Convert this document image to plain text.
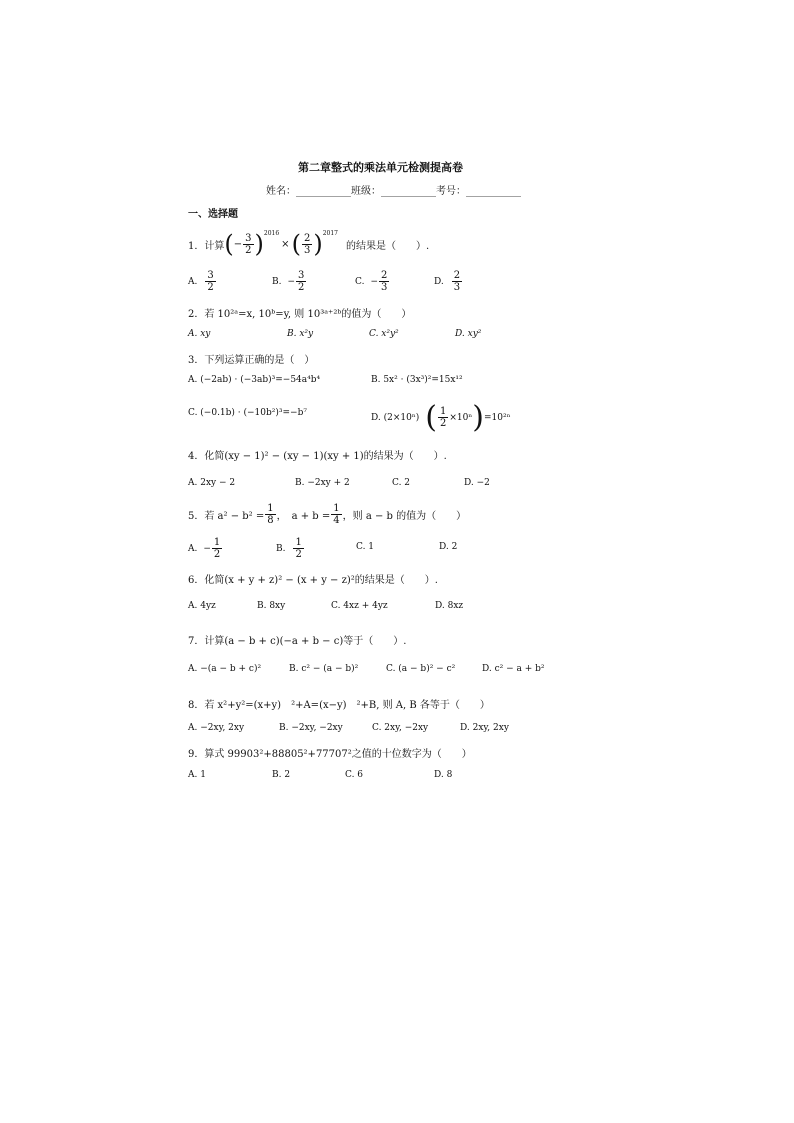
第二章整式的乘法单元检测提高卷
姓名：___________班级：___________考号：___________
一、选择题
1．计算 ( − $\frac{3}{2} )^{2016}$
× ( $\frac{2}{3} )^{2017}$
的结果是（　　）.
A. $\frac{3}{2}$	B. − $\frac{3}{2}$	C. − $\frac{2}{3}$	D. $\frac{2}{3}$
2．若 10²ᵃ=x, 10ᵇ=y, 则 10³ᵃ⁺²ᵇ的值为（　　）
A. xy	B. x²y	C. x²y²	D. xy²
3．下列运算正确的是（　）
A. (−2ab) · (−3ab)³=−54a⁴b⁴	B. 5x² · (3x³)²=15x¹²
C. (−0.1b) · (−10b²)³=−b⁷	D. (2×10ⁿ) ( $\frac{1}{2} \times 10^n$ ) =10²ⁿ
4．化简(xy − 1)² − (xy − 1)(xy + 1)的结果为（　　）.
A. 2xy − 2	B. −2xy + 2	C. 2	D. −2
5．若 $a^2 - b^2 = \frac{1}{8}$ ，　$a + b = \frac{1}{4}$ ，则 a − b 的值为（　　）
A. − $\frac{1}{2}$	B. $\frac{1}{2}$	C. 1	D. 2
6．化简(x + y + z)² − (x + y − z)²的结果是（　　）.
A. 4yz	B. 8xy	C. 4xz + 4yz	D. 8xz
7．计算(a − b + c)(−a + b − c)等于（　　）.
A. −(a − b + c)²	B. c² − (a − b)²	C. (a − b)² − c²	D. c² − a + b²
8．若 x²+y²=(x+y)　²+A=(x−y)　²+B, 则 A, B 各等于（　　）
A. −2xy, 2xy	B. −2xy, −2xy	C. 2xy, −2xy	D. 2xy, 2xy
9．算式 99903²+88805²+77707²之值的十位数字为（　　）
A. 1	B. 2	C. 6	D. 8
